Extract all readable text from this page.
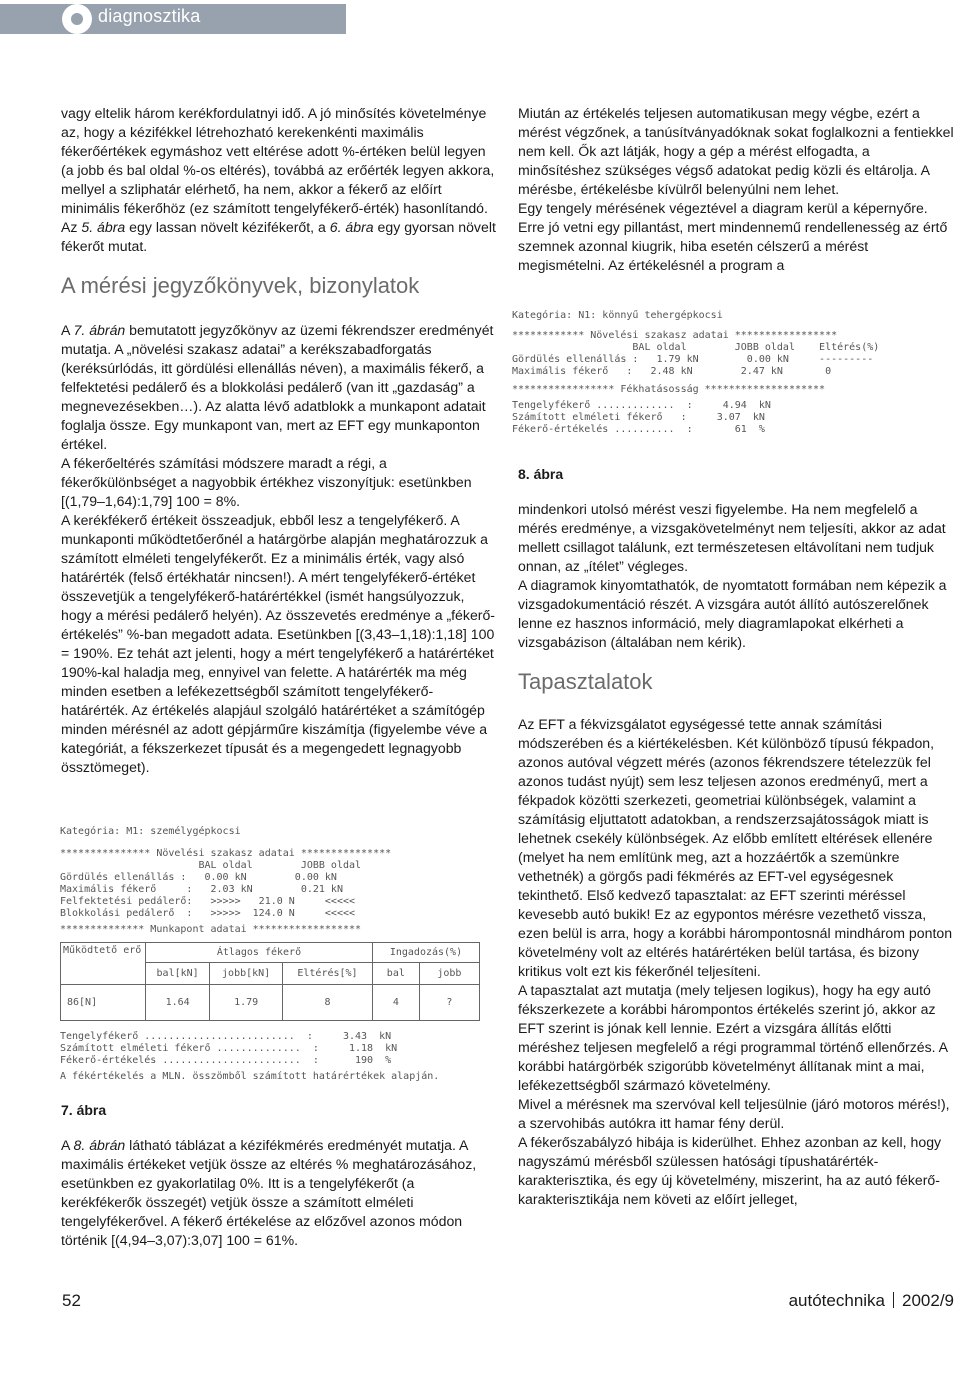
diagnosztika

vagy eltelik három kerékfordulatnyi idő. A jó minősítés követelménye az, hogy a kézifékkel létrehozható kerekenkénti maximális fékerőértékek egymáshoz vett eltérése adott %-értéken belül legyen (a jobb és bal oldal %-os eltérés), továbbá az erőérték legyen akkora, mellyel a szliphatár elérhető, ha nem, akkor a fékerő az előírt minimális fékerőhöz (ez számított tengelyfékerő-érték) hasonlítandó. Az 5. ábra egy lassan növelt kézifékerőt, a 6. ábra egy gyorsan növelt fékerőt mutat.

A mérési jegyzőkönyvek, bizonylatok

A 7. ábrán bemutatott jegyzőkönyv az üzemi fékrendszer eredményét mutatja. A „növelési szakasz adatai” a kerékszabadforgatás (keréksúrlódás, itt gördülési ellenállás néven), a maximális fékerő, a felfektetési pedálerő és a blokkolási pedálerő (van itt „gazdaság” a megnevezésekben…). Az alatta lévő adatblokk a munkapont adatait foglalja össze. Egy munkapont van, mert az EFT egy munkaponton értékel.

A fékerőeltérés számítási módszere maradt a régi, a fékerőkülönbséget a nagyobbik értékhez viszonyítjuk: esetünkben [(1,79–1,64):1,79] 100 = 8%.

A kerékfékerő értékeit összeadjuk, ebből lesz a tengelyfékerő. A munkaponti működtetőerőnél a határgörbe alapján meghatározzuk a számított elméleti tengelyfékerőt. Ez a minimális érték, vagy alsó határérték (felső értékhatár nincsen!). A mért tengelyfékerő-értéket összevetjük a tengelyfékerő-határértékkel (ismét hangsúlyozzuk, hogy a mérési pedálerő helyén). Az összevetés eredménye a „fékerő-értékelés” %-ban megadott adata. Esetünkben [(3,43–1,18):1,18] 100 = 190%. Ez tehát azt jelenti, hogy a mért tengelyfékerő a határértéket 190%-kal haladja meg, ennyivel van felette. A határérték ma még minden esetben a lefékezettségből számított tengelyfékerő-határérték. Az értékelés alapjául szolgáló határértéket a számítógép minden mérésnél az adott gépjárműre kiszámítja (figyelembe véve a kategóriát, a fékszerkezet típusát és a megengedett legnagyobb össztömeget).

Kategória: M1: személygépkocsi
*************** Növelési szakasz adatai ***************
BAL oldal        JOBB oldal
Gördülés ellenállás :   0.00 kN        0.00 kN
Maximális fékerő     :   2.03 kN        0.21 kN
Felfektetési pedálerő:   >>>>>   21.0 N     <<<<<
Blokkolási pedálerő  :   >>>>>  124.0 N     <<<<<
************** Munkapont adatai ******************
Működtető erő	Átlagos fékerő			Ingadozás(%)	
	bal[kN]	jobb[kN]	Eltérés[%]	bal	jobb
86[N]	1.64	1.79	8	4	?
Tengelyfékerő .........................  :     3.43  kN
Számított elméleti fékerő ..............  :     1.18  kN
Fékerő-értékelés .......................  :      190  %
A fékértékelés a MLN. összömből számított határértékek alapján.
7. ábra

A 8. ábrán látható táblázat a kézifékmérés eredményét mutatja. A maximális értékeket vetjük össze az eltérés % meghatározásához, esetünkben ez gyakorlatilag 0%. Itt is a tengelyfékerőt (a kerékfékerők összegét) vetjük össze a számított elméleti tengelyfékerővel. A fékerő értékelése az előzővel azonos módon történik [(4,94–3,07):3,07] 100 = 61%.

Miután az értékelés teljesen automatikusan megy végbe, ezért a mérést végzőnek, a tanúsítványadóknak sokat foglalkozni a fentiekkel nem kell. Ők azt látják, hogy a gép a mérést elfogadta, a minősítéshez szükséges végső adatokat pedig közli és eltárolja. A mérésbe, értékelésbe kívülről belenyúlni nem lehet.

Egy tengely mérésének végeztével a diagram kerül a képernyőre. Erre jó vetni egy pillantást, mert mindennemű rendellenesség az értő szemnek azonnal kiugrik, hiba esetén célszerű a mérést megismételni. Az értékelésnél a program a

Kategória: N1: könnyű tehergépkocsi
************ Növelési szakasz adatai *****************
BAL oldal        JOBB oldal    Eltérés(%)
Gördülés ellenállás :   1.79 kN        0.00 kN     ---------
Maximális fékerő   :   2.48 kN        2.47 kN       0
***************** Fékhatásosság ********************
Tengelyfékerő .............  :     4.94  kN
Számított elméleti fékerő   :     3.07  kN
Fékerő-értékelés ..........  :       61  %
8. ábra

mindenkori utolsó mérést veszi figyelembe. Ha nem megfelelő a mérés eredménye, a vizsgakövetelményt nem teljesíti, akkor az adat mellett csillagot találunk, ezt természetesen eltávolítani nem tudjuk onnan, az „ítélet” végleges.

A diagramok kinyomtathatók, de nyomtatott formában nem képezik a vizsgadokumentáció részét. A vizsgára autót állító autószerelőnek lenne ez hasznos információ, mely diagramlapokat elkérheti a vizsgabázison (általában nem kérik).

Tapasztalatok

Az EFT a fékvizsgálatot egységessé tette annak számítási módszerében és a kiértékelésben. Két különböző típusú fékpadon, azonos autóval végzett mérés (azonos fékrendszere tételezzük fel azonos tudást nyújt) sem lesz teljesen azonos eredményű, mert a fékpadok közötti szerkezeti, geometriai különbségek, valamint a számításig eljuttatott adatokban, a rendszerzsajátosságok miatt is lehetnek csekély különbségek. Az előbb említett eltérések ellenére (melyet ha nem említünk meg, azt a hozzáértők a szemünkre vethetnék) a görgős padi fékmérés az EFT-vel egységesnek tekinthető. Első kedvező tapasztalat: az EFT szerinti méréssel kevesebb autó bukik! Ez az egypontos mérésre vezethető vissza, ezen belül is arra, hogy a korábbi hárompontosnál mindhárom ponton követelmény volt az eltérés határértéken belül tartása, és bizony kritikus volt ezt kis fékerőnél teljesíteni.

A tapasztalat azt mutatja (mely teljesen logikus), hogy ha egy autó fékszerkezete a korábbi hárompontos értékelés szerint jó, akkor az EFT szerint is jónak kell lennie. Ezért a vizsgára állítás előtti méréshez teljesen megfelelő a régi programmal történő ellenőrzés. A korábbi határgörbék szigorúbb követelményt állítanak mint a mai, lefékezettségből származó követelmény.

Mivel a mérésnek ma szervóval kell teljesülnie (járó motoros mérés!), a szervohibás autókra itt hamar fény derül.

A fékerőszabályzó hibája is kiderülhet. Ehhez azonban az kell, hogy nagyszámú mérésből szülessen hatósági típushatárérték-karakterisztika, és egy új követelmény, miszerint, ha az autó fékerő-karakterisztikája nem követi az előírt jelleget,

52	autótechnika 2002/9
